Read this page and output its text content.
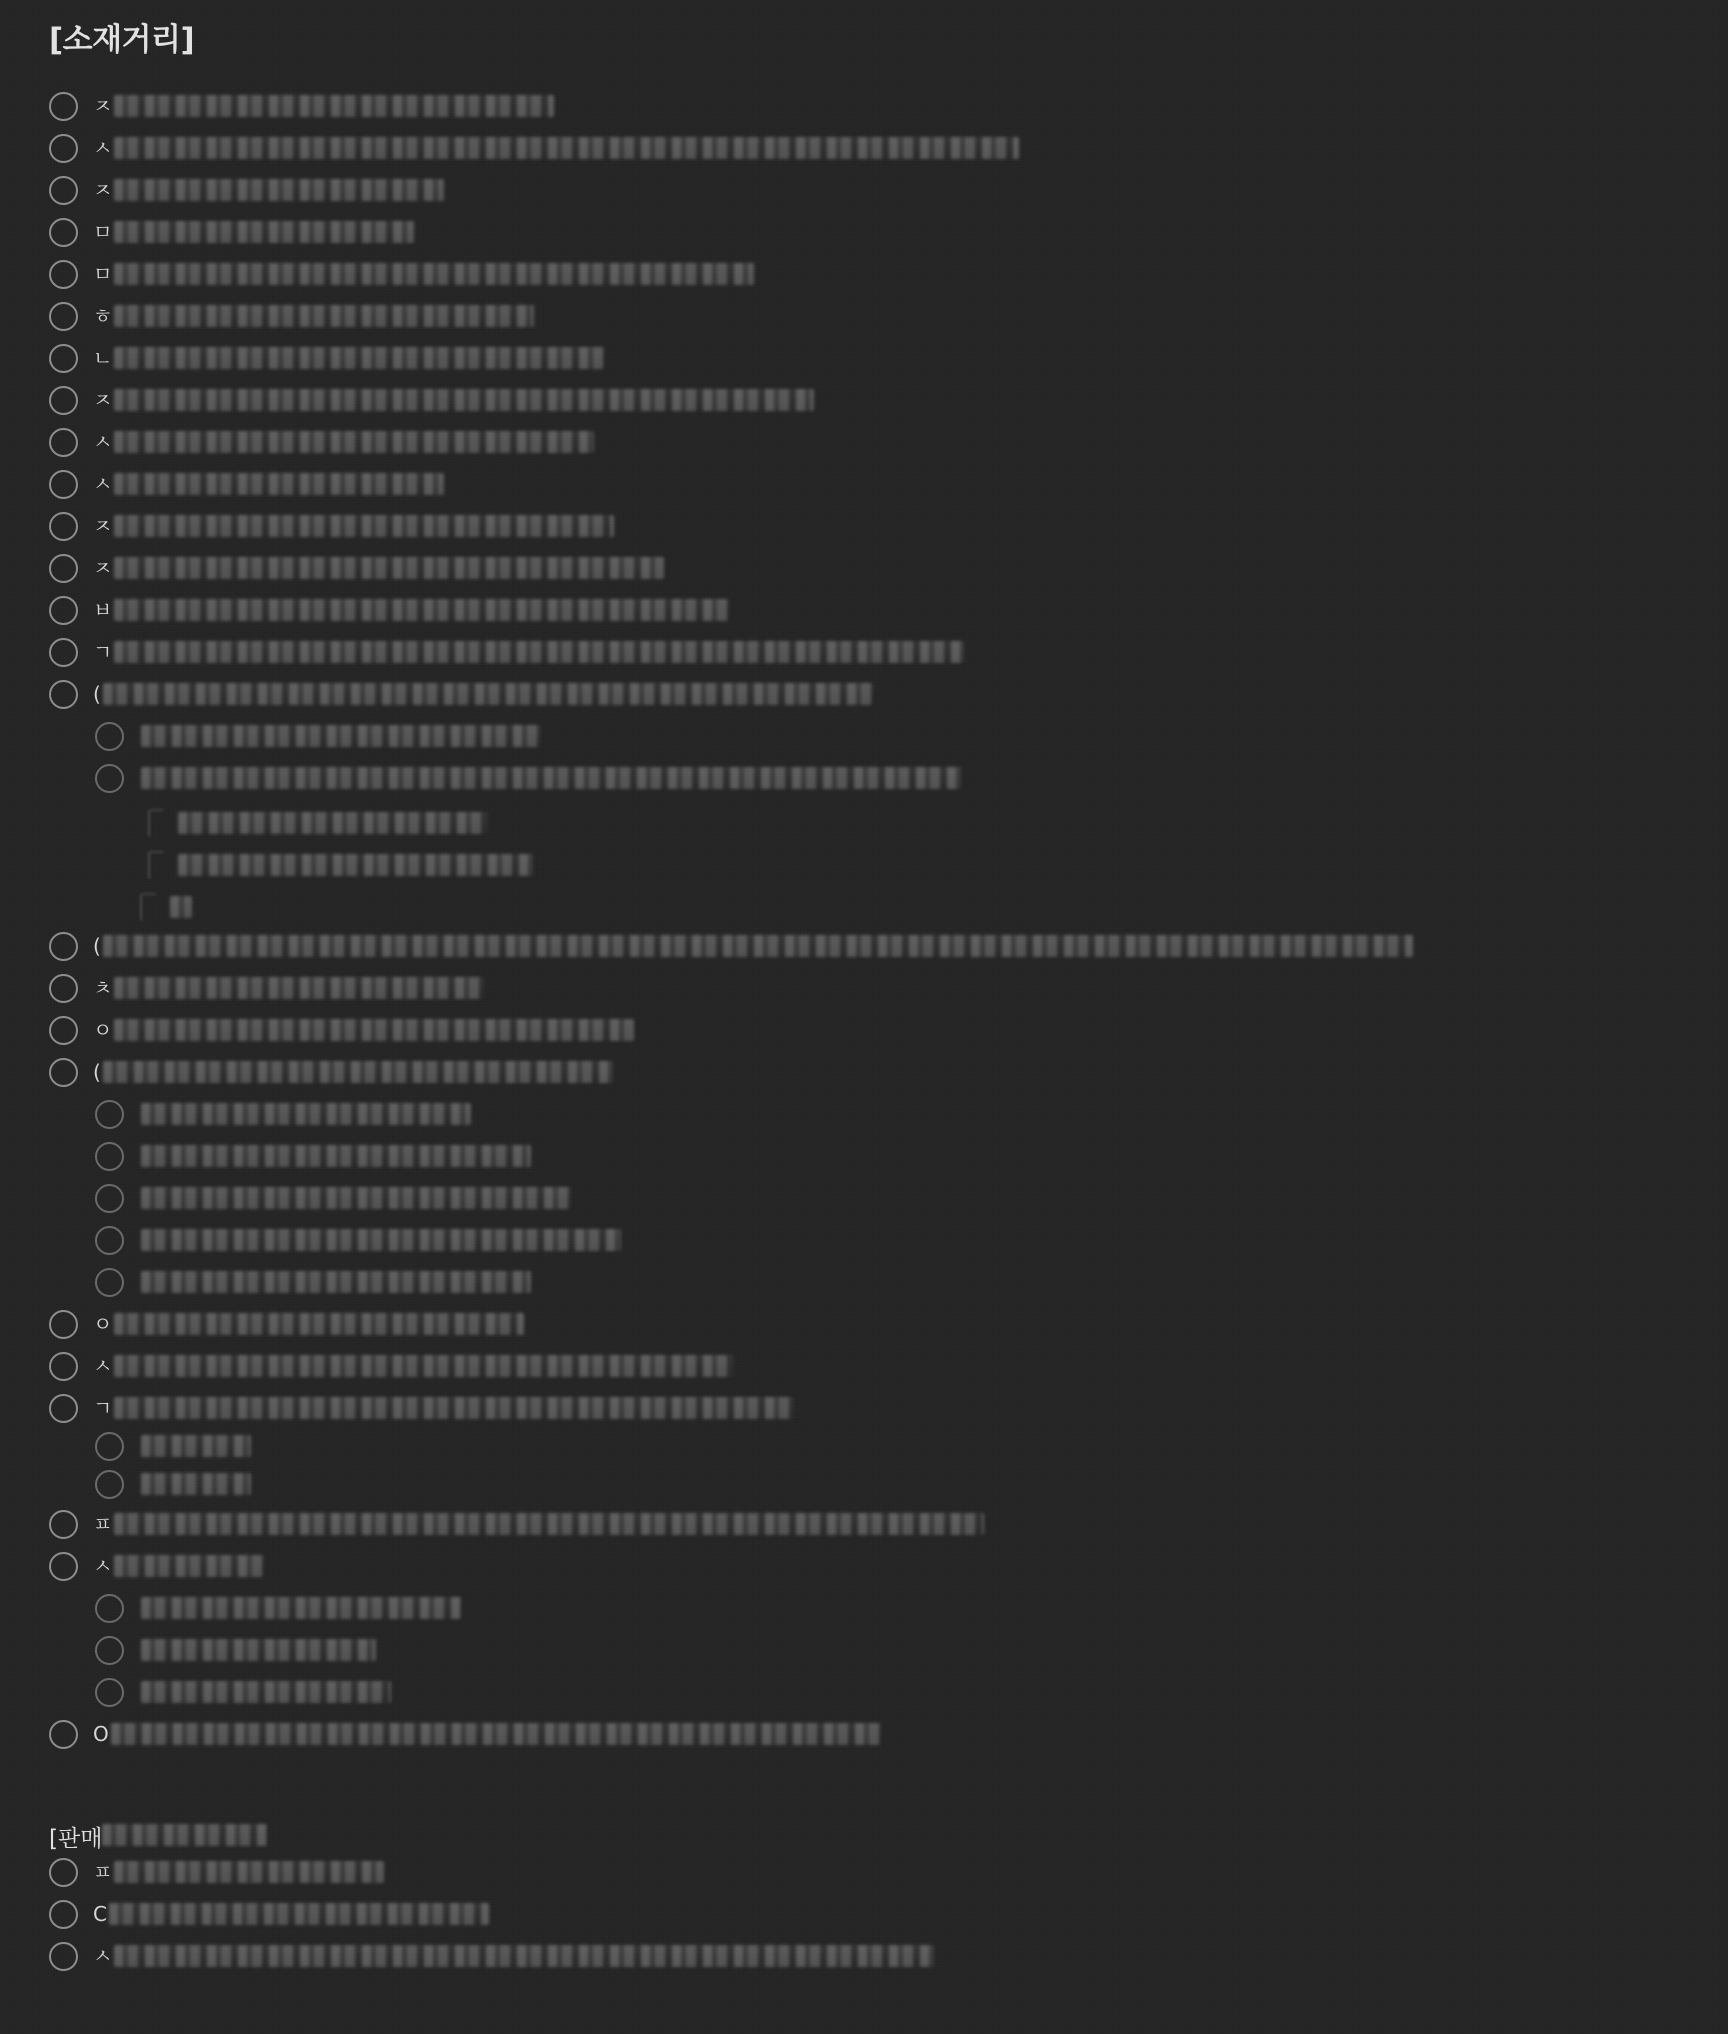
[소재거리]
ㅈ
ㅅ
ㅈ
ㅁ
ㅁ
ㅎ
ㄴ
ㅈ
ㅅ
ㅅ
ㅈ
ㅈ
ㅂ
ㄱ
(
(
ㅊ
ㅇ
(
ㅇ
ㅅ
ㄱ
ㅍ
ㅅ
O
[판매
ㅍ
C
ㅅ
